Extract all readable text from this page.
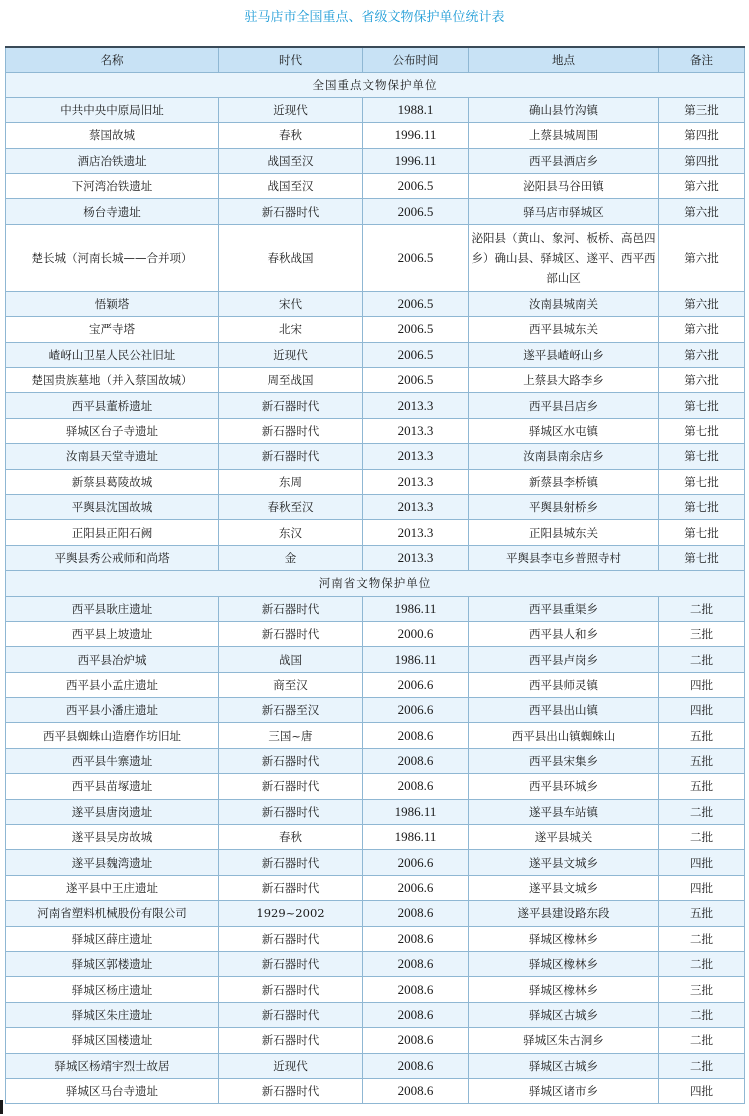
驻马店市全国重点、省级文物保护单位统计表
名称	时代	公布时间	地点	备注
全国重点文物保护单位				
中共中央中原局旧址	近现代	1988.1	确山县竹沟镇	第三批
蔡国故城	春秋	1996.11	上蔡县城周围	第四批
酒店冶铁遗址	战国至汉	1996.11	西平县酒店乡	第四批
下河湾冶铁遗址	战国至汉	2006.5	泌阳县马谷田镇	第六批
杨台寺遗址	新石器时代	2006.5	驿马店市驿城区	第六批
楚长城（河南长城——合并项）	春秋战国	2006.5	泌阳县（黄山、象河、板桥、高邑四乡）确山县、驿城区、遂平、西平西部山区	第六批
悟颖塔	宋代	2006.5	汝南县城南关	第六批
宝严寺塔	北宋	2006.5	西平县城东关	第六批
嵖岈山卫星人民公社旧址	近现代	2006.5	遂平县嵖岈山乡	第六批
楚国贵族墓地（并入蔡国故城）	周至战国	2006.5	上蔡县大路李乡	第六批
西平县董桥遗址	新石器时代	2013.3	西平县吕店乡	第七批
驿城区台子寺遗址	新石器时代	2013.3	驿城区水屯镇	第七批
汝南县天堂寺遗址	新石器时代	2013.3	汝南县南余店乡	第七批
新蔡县葛陵故城	东周	2013.3	新蔡县李桥镇	第七批
平舆县沈国故城	春秋至汉	2013.3	平舆县射桥乡	第七批
正阳县正阳石阙	东汉	2013.3	正阳县城东关	第七批
平舆县秀公戒师和尚塔	金	2013.3	平舆县李屯乡普照寺村	第七批
河南省文物保护单位				
西平县耿庄遗址	新石器时代	1986.11	西平县重渠乡	二批
西平县上坡遗址	新石器时代	2000.6	西平县人和乡	三批
西平县冶炉城	战国	1986.11	西平县卢岗乡	二批
西平县小孟庄遗址	商至汉	2006.6	西平县师灵镇	四批
西平县小潘庄遗址	新石器至汉	2006.6	西平县出山镇	四批
西平县蜘蛛山造磨作坊旧址	三国~唐	2008.6	西平县出山镇蜘蛛山	五批
西平县牛寨遗址	新石器时代	2008.6	西平县宋集乡	五批
西平县苗塚遗址	新石器时代	2008.6	西平县环城乡	五批
遂平县唐岗遗址	新石器时代	1986.11	遂平县车站镇	二批
遂平县吴房故城	春秋	1986.11	遂平县城关	二批
遂平县魏湾遗址	新石器时代	2006.6	遂平县文城乡	四批
遂平县中王庄遗址	新石器时代	2006.6	遂平县文城乡	四批
河南省塑料机械股份有限公司	1929~2002	2008.6	遂平县建设路东段	五批
驿城区薛庄遗址	新石器时代	2008.6	驿城区橡林乡	二批
驿城区郭楼遗址	新石器时代	2008.6	驿城区橡林乡	二批
驿城区杨庄遗址	新石器时代	2008.6	驿城区橡林乡	三批
驿城区朱庄遗址	新石器时代	2008.6	驿城区古城乡	二批
驿城区国楼遗址	新石器时代	2008.6	驿城区朱古洞乡	二批
驿城区杨靖宇烈士故居	近现代	2008.6	驿城区古城乡	二批
驿城区马台寺遗址	新石器时代	2008.6	驿城区诸市乡	四批
